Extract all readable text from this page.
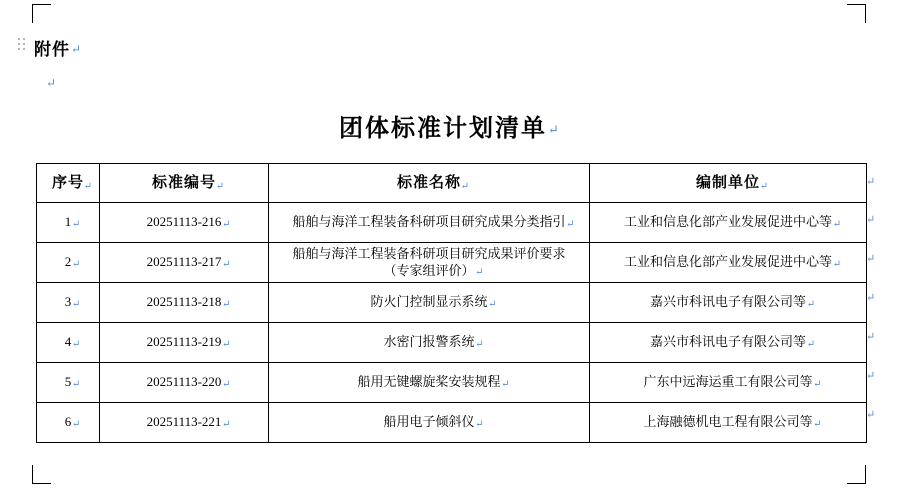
附件↵
↵
团体标准计划清单↵
序号 ↵	标准编号 ↵	标准名称 ↵	编制单位 ↵

1 ↵	20251113-216 ↵	船舶与海洋工程装备科研项目研究成果分类指引 ↵	工业和信息化部产业发展促进中心等 ↵

2 ↵	20251113-217 ↵	船舶与海洋工程装备科研项目研究成果评价要求
（专家组评价） ↵	工业和信息化部产业发展促进中心等 ↵

3 ↵	20251113-218 ↵	防火门控制显示系统 ↵	嘉兴市科讯电子有限公司等 ↵

4 ↵	20251113-219 ↵	水密门报警系统 ↵	嘉兴市科讯电子有限公司等 ↵

5 ↵	20251113-220 ↵	船用无键螺旋桨安装规程 ↵	广东中远海运重工有限公司等 ↵

6 ↵	20251113-221 ↵	船用电子倾斜仪 ↵	上海融德机电工程有限公司等 ↵
↵
↵
↵
↵
↵
↵
↵
